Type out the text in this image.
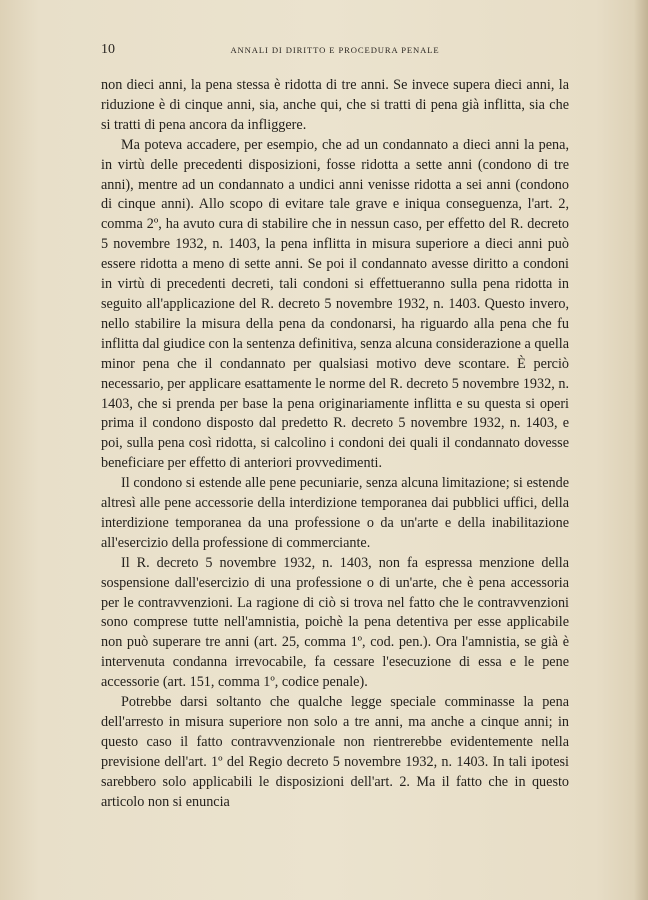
10	ANNALI DI DIRITTO E PROCEDURA PENALE

non dieci anni, la pena stessa è ridotta di tre anni. Se invece supera dieci anni, la riduzione è di cinque anni, sia, anche qui, che si tratti di pena già inflitta, sia che si tratti di pena ancora da infliggere.

Ma poteva accadere, per esempio, che ad un condannato a dieci anni la pena, in virtù delle precedenti disposizioni, fosse ridotta a sette anni (condono di tre anni), mentre ad un condannato a undici anni venisse ridotta a sei anni (condono di cinque anni). Allo scopo di evitare tale grave e iniqua conseguenza, l'art. 2, comma 2º, ha avuto cura di stabilire che in nessun caso, per effetto del R. decreto 5 novembre 1932, n. 1403, la pena inflitta in misura superiore a dieci anni può essere ridotta a meno di sette anni. Se poi il condannato avesse diritto a condoni in virtù di precedenti decreti, tali condoni si effettueranno sulla pena ridotta in seguito all'applicazione del R. decreto 5 novembre 1932, n. 1403. Questo invero, nello stabilire la misura della pena da condonarsi, ha riguardo alla pena che fu inflitta dal giudice con la sentenza definitiva, senza alcuna considerazione a quella minor pena che il condannato per qualsiasi motivo deve scontare. È perciò necessario, per applicare esattamente le norme del R. decreto 5 novembre 1932, n. 1403, che si prenda per base la pena originariamente inflitta e su questa si operi prima il condono disposto dal predetto R. decreto 5 novembre 1932, n. 1403, e poi, sulla pena così ridotta, si calcolino i condoni dei quali il condannato dovesse beneficiare per effetto di anteriori provvedimenti.

Il condono si estende alle pene pecuniarie, senza alcuna limitazione; si estende altresì alle pene accessorie della interdizione temporanea dai pubblici uffici, della interdizione temporanea da una professione o da un'arte e della inabilitazione all'esercizio della professione di commerciante.

Il R. decreto 5 novembre 1932, n. 1403, non fa espressa menzione della sospensione dall'esercizio di una professione o di un'arte, che è pena accessoria per le contravvenzioni. La ragione di ciò si trova nel fatto che le contravvenzioni sono comprese tutte nell'amnistia, poichè la pena detentiva per esse applicabile non può superare tre anni (art. 25, comma 1º, cod. pen.). Ora l'amnistia, se già è intervenuta condanna irrevocabile, fa cessare l'esecuzione di essa e le pene accessorie (art. 151, comma 1º, codice penale).

Potrebbe darsi soltanto che qualche legge speciale comminasse la pena dell'arresto in misura superiore non solo a tre anni, ma anche a cinque anni; in questo caso il fatto contravvenzionale non rientrerebbe evidentemente nella previsione dell'art. 1º del Regio decreto 5 novembre 1932, n. 1403. In tali ipotesi sarebbero solo applicabili le disposizioni dell'art. 2. Ma il fatto che in questo articolo non si enuncia
